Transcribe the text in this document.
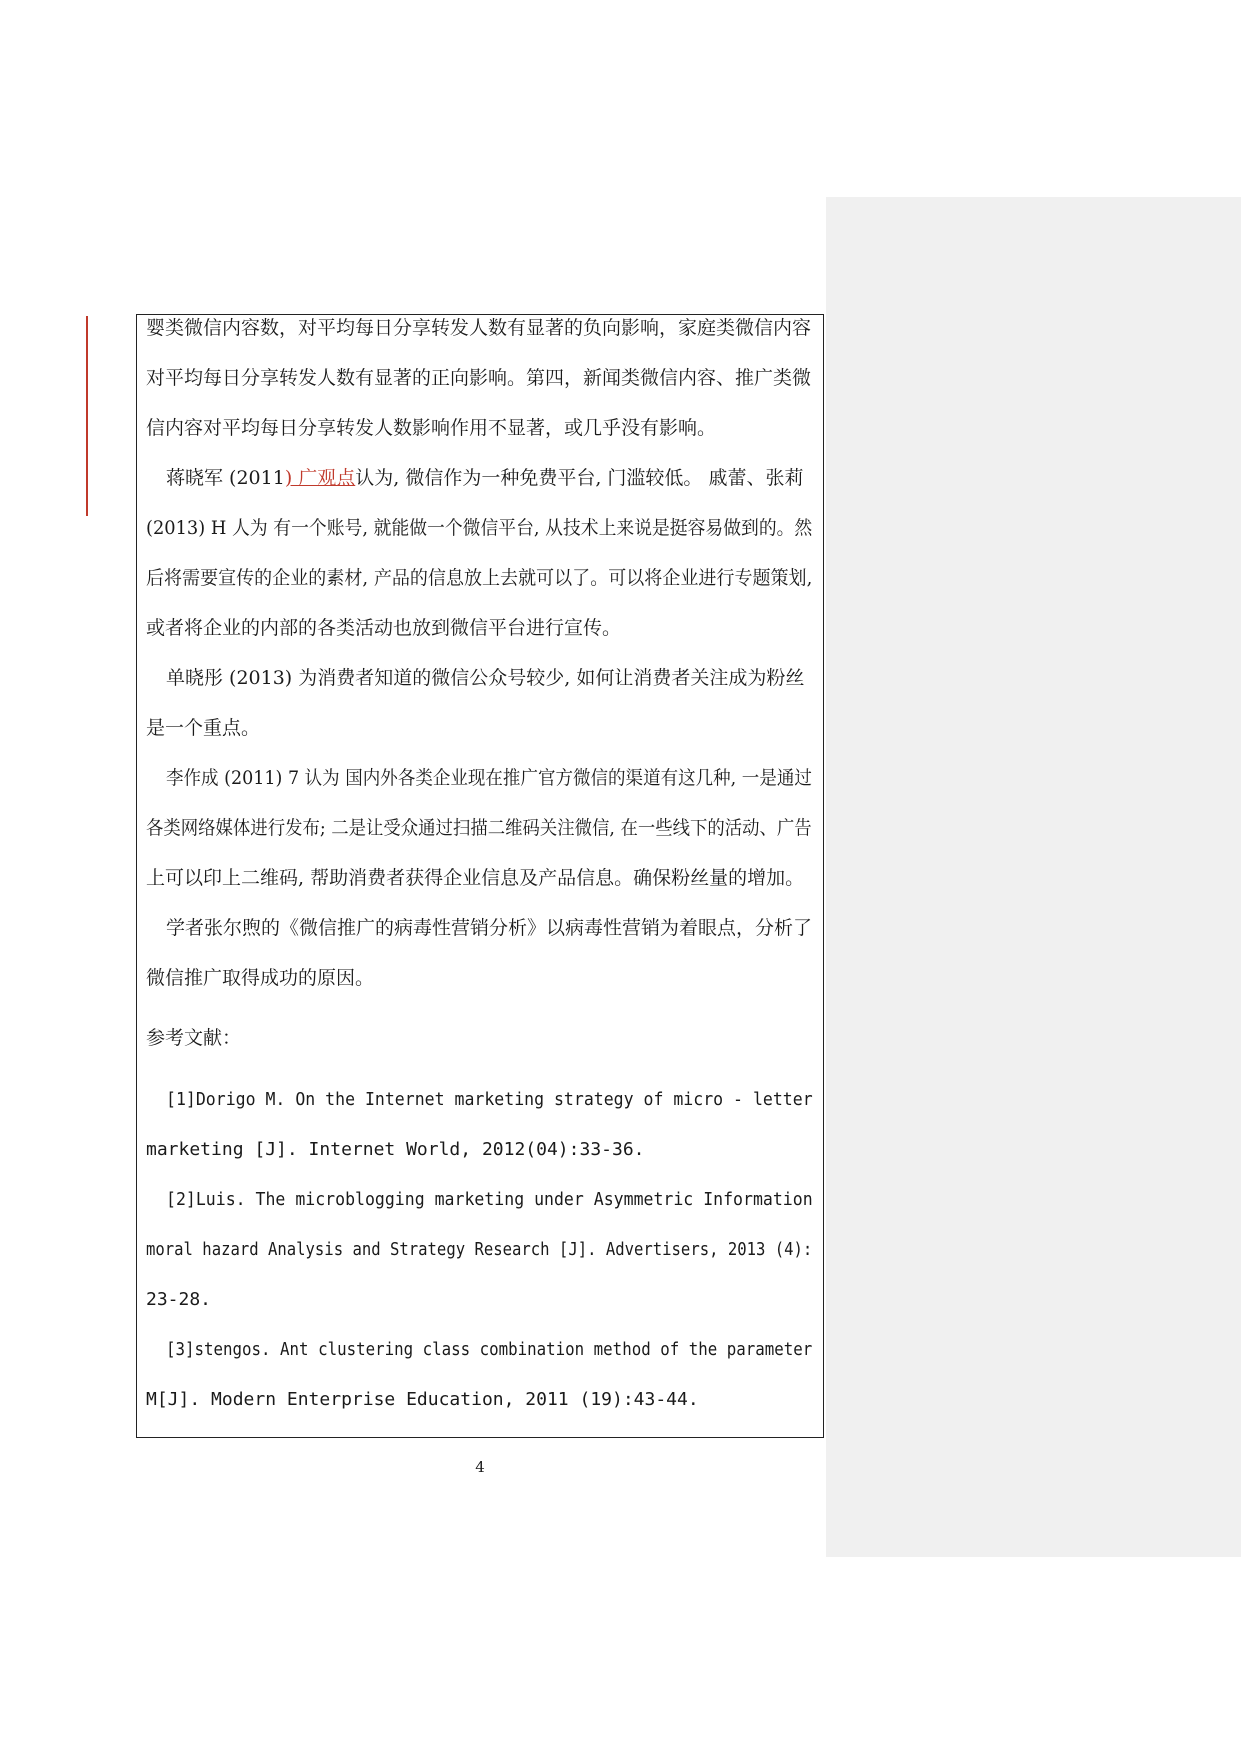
婴类微信内容数，对平均每日分享转发人数有显著的负向影响，家庭类微信内容
对平均每日分享转发人数有显著的正向影响。第四，新闻类微信内容、推广类微
信内容对平均每日分享转发人数影响作用不显著，或几乎没有影响。
蒋晓军 (2011) 广观点认为, 微信作为一种免费平台, 门滥较低。 戚蕾、张莉
(2013) H 人为 有一个账号, 就能做一个微信平台, 从技术上来说是挺容易做到的。然
后将需要宣传的企业的素材, 产品的信息放上去就可以了。可以将企业进行专题策划,
或者将企业的内部的各类活动也放到微信平台进行宣传。
单晓彤 (2013) 为消费者知道的微信公众号较少, 如何让消费者关注成为粉丝
是一个重点。
李作成 (2011) 7 认为 国内外各类企业现在推广官方微信的渠道有这几种, 一是通过
各类网络媒体进行发布; 二是让受众通过扫描二维码关注微信, 在一些线下的活动、广告
上可以印上二维码, 帮助消费者获得企业信息及产品信息。确保粉丝量的增加。
学者张尔煦的《微信推广的病毒性营销分析》以病毒性营销为着眼点，分析了
微信推广取得成功的原因。
参考文献：
[1]Dorigo M. On the Internet marketing strategy of micro - letter
marketing [J]. Internet World, 2012(04):33-36.
[2]Luis. The microblogging marketing under Asymmetric Information
moral hazard Analysis and Strategy Research [J]. Advertisers, 2013 (4):
23-28.
[3]stengos. Ant clustering class combination method of the parameter
M[J]. Modern Enterprise Education, 2011 (19):43-44.
4
